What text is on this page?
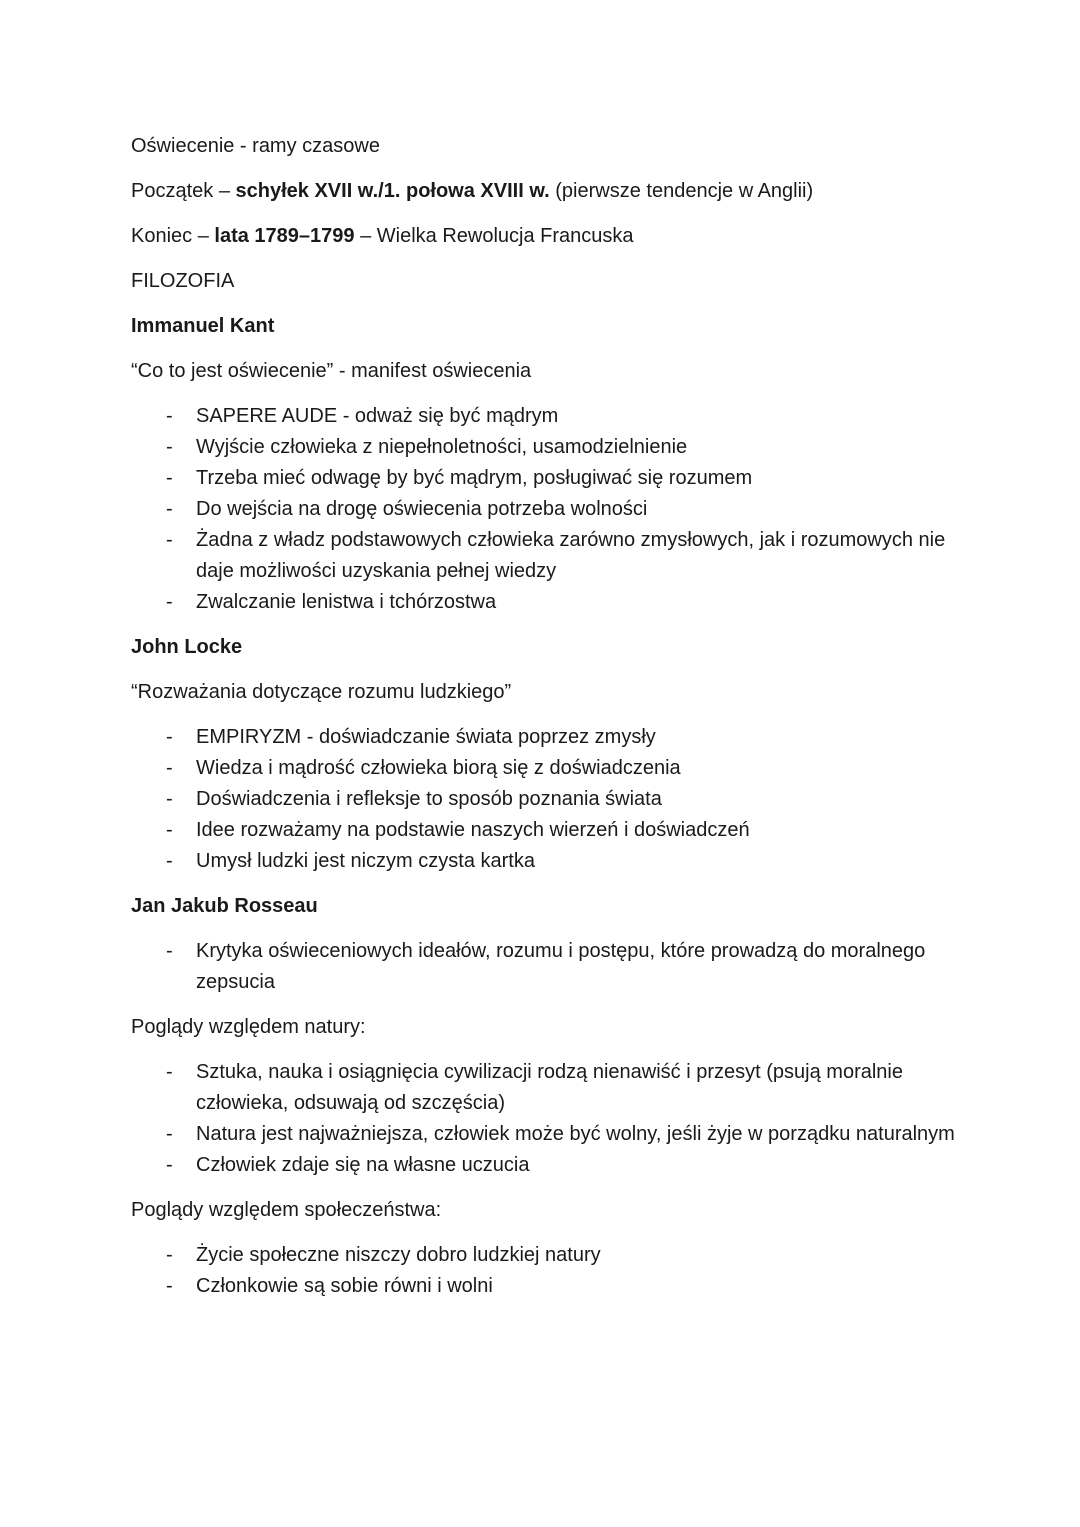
Oświecenie - ramy czasowe

Początek – schyłek XVII w./1. połowa XVIII w. (pierwsze tendencje w Anglii)

Koniec – lata 1789–1799 – Wielka Rewolucja Francuska

FILOZOFIA

Immanuel Kant

“Co to jest oświecenie” - manifest oświecenia

- SAPERE AUDE - odważ się być mądrym
- Wyjście człowieka z niepełnoletności, usamodzielnienie
- Trzeba mieć odwagę by być mądrym, posługiwać się rozumem
- Do wejścia na drogę oświecenia potrzeba wolności
- Żadna z władz podstawowych człowieka zarówno zmysłowych, jak i rozumowych nie daje możliwości uzyskania pełnej wiedzy
- Zwalczanie lenistwa i tchórzostwa

John Locke

“Rozważania dotyczące rozumu ludzkiego”

- EMPIRYZM - doświadczanie świata poprzez zmysły
- Wiedza i mądrość człowieka biorą się z doświadczenia
- Doświadczenia i refleksje to sposób poznania świata
- Idee rozważamy na podstawie naszych wierzeń i doświadczeń
- Umysł ludzki jest niczym czysta kartka

Jan Jakub Rosseau

- Krytyka oświeceniowych ideałów, rozumu i postępu, które prowadzą do moralnego zepsucia

Poglądy względem natury:

- Sztuka, nauka i osiągnięcia cywilizacji rodzą nienawiść i przesyt (psują moralnie człowieka, odsuwają od szczęścia)
- Natura jest najważniejsza, człowiek może być wolny, jeśli żyje w porządku naturalnym
- Człowiek zdaje się na własne uczucia

Poglądy względem społeczeństwa:

- Życie społeczne niszczy dobro ludzkiej natury
- Członkowie są sobie równi i wolni
